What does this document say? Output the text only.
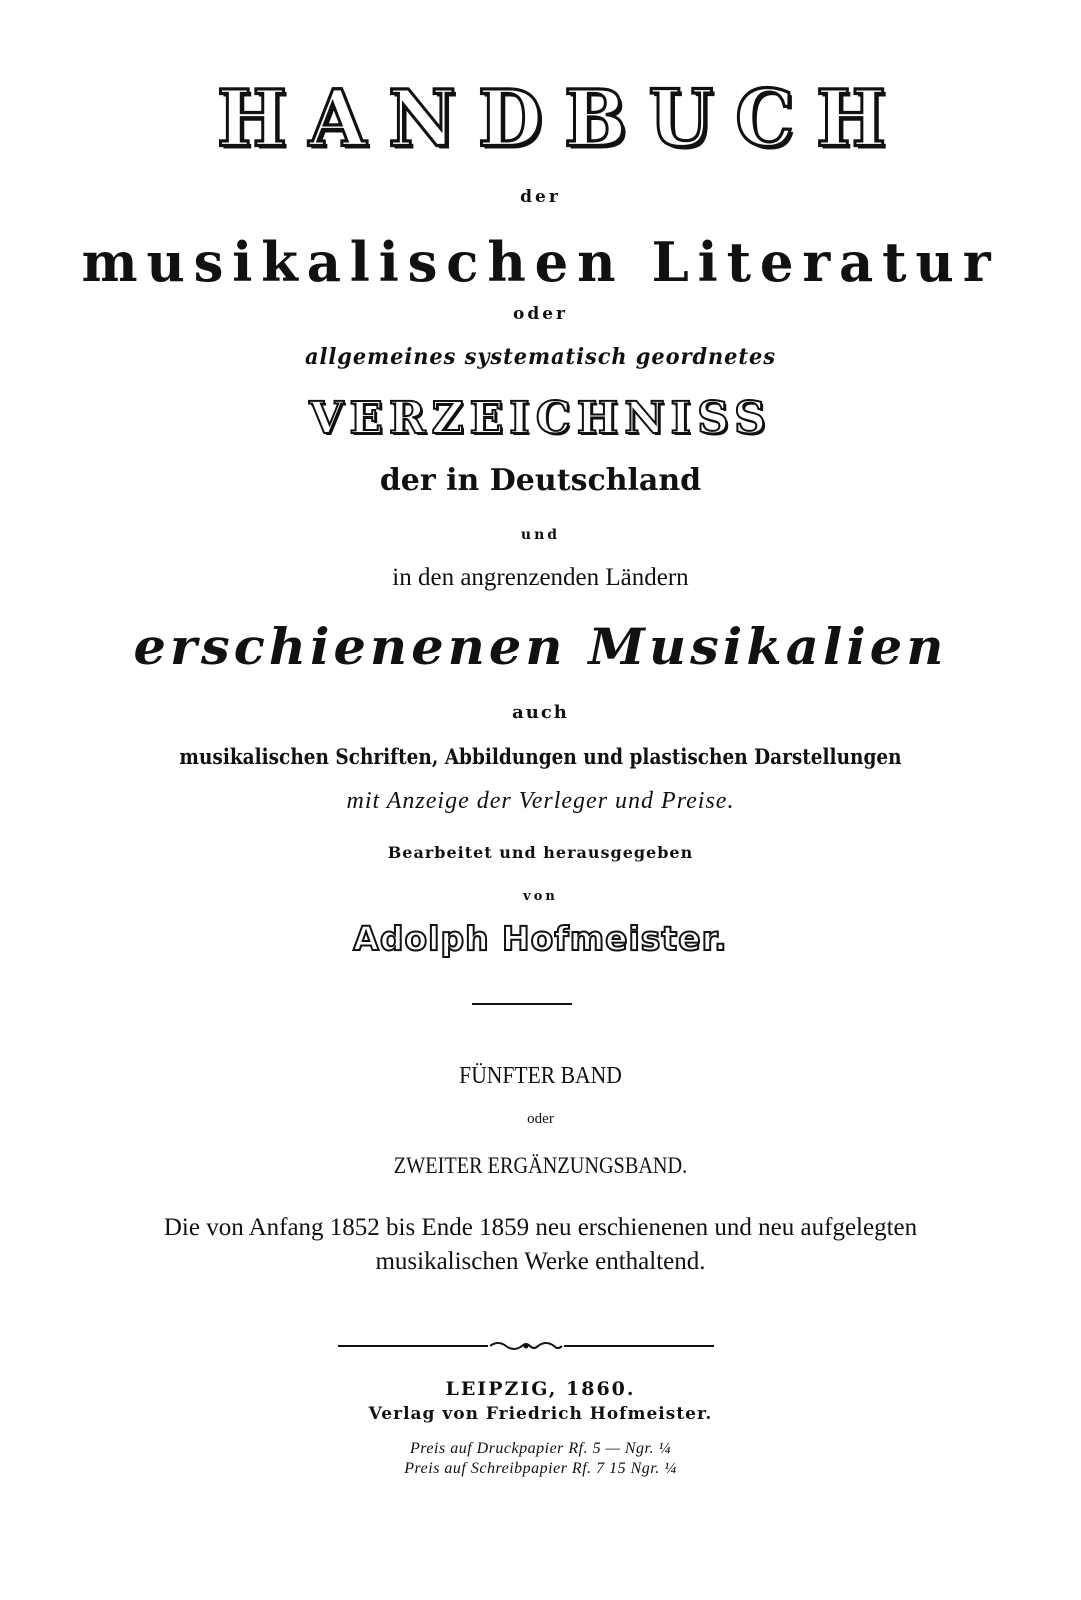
HANDBUCH
der
musikalischen Literatur
oder
allgemeines systematisch geordnetes
VERZEICHNISS
der in Deutschland
und
in den angrenzenden Ländern
erschienenen Musikalien
auch
musikalischen Schriften, Abbildungen und plastischen Darstellungen
mit Anzeige der Verleger und Preise.
Bearbeitet und herausgegeben
von
Adolph Hofmeister.
FÜNFTER BAND
oder
ZWEITER ERGÄNZUNGSBAND.
Die von Anfang 1852 bis Ende 1859 neu erschienenen und neu aufgelegten
musikalischen Werke enthaltend.
LEIPZIG, 1860.
Verlag von Friedrich Hofmeister.
Preis auf Druckpapier Rf. 5 — Ngr. ¼
Preis auf Schreibpapier Rf. 7 15 Ngr. ¼
